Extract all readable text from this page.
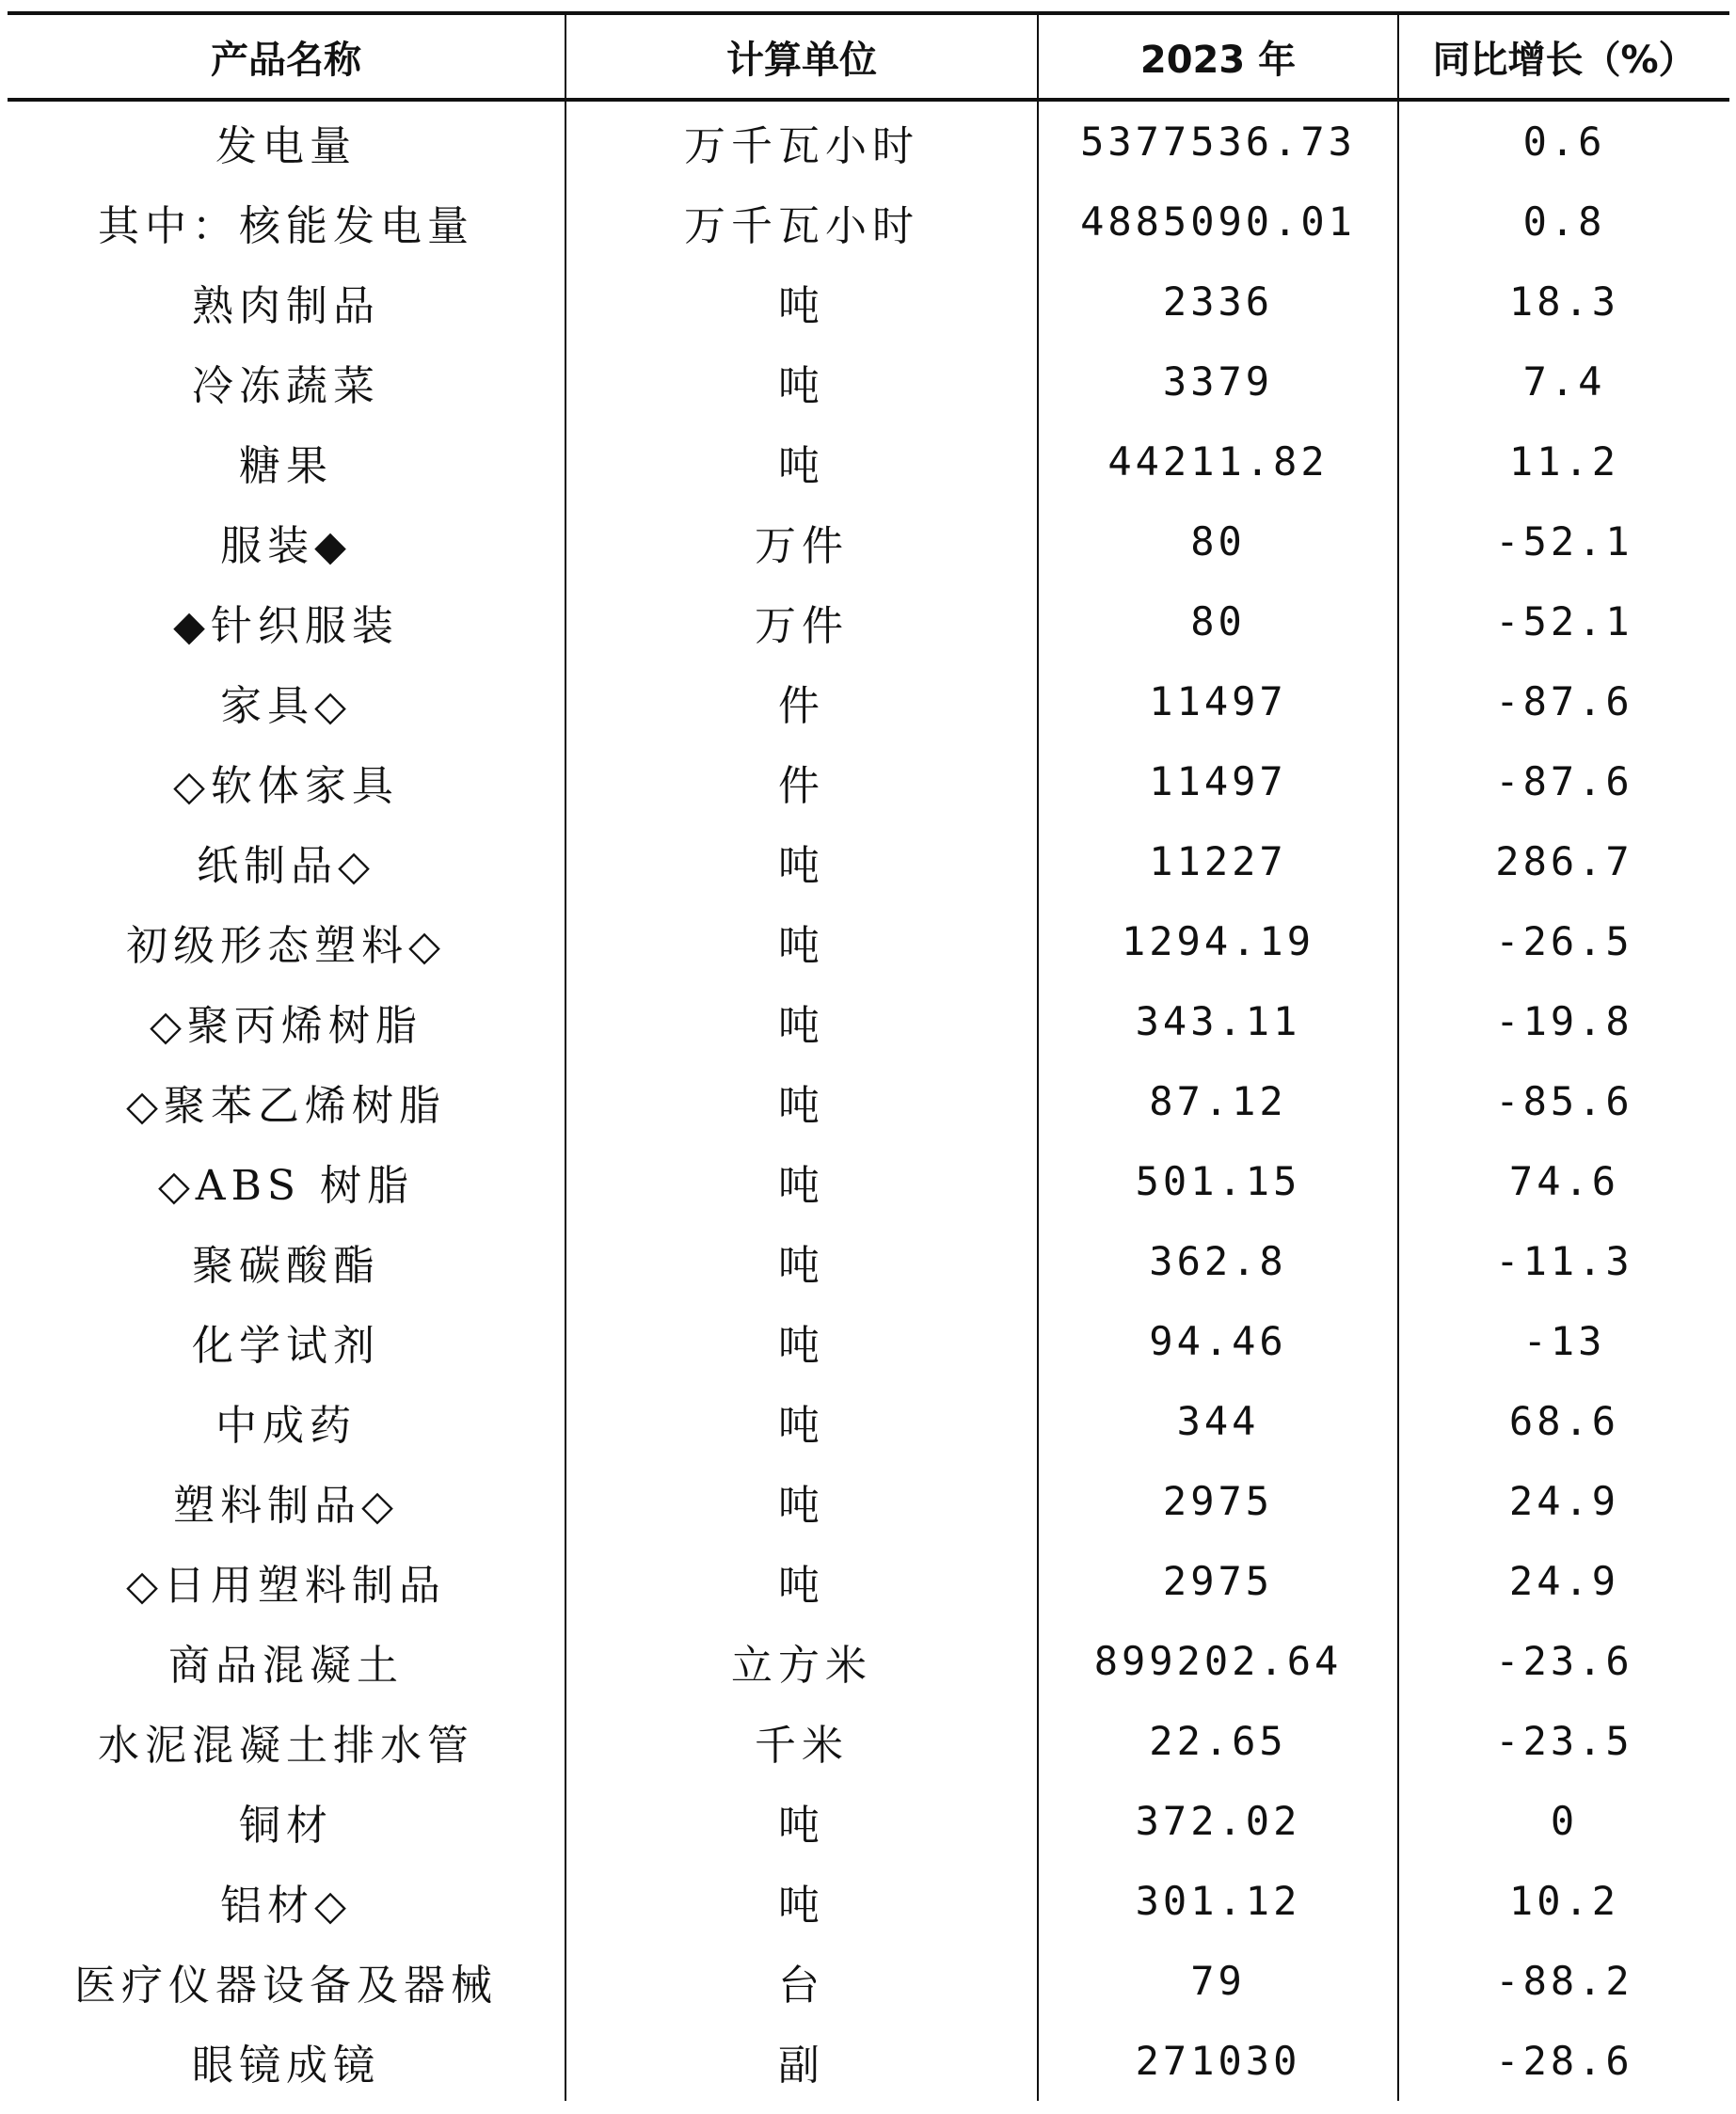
产品名称	计算单位	2023 年	同比增长（%）
发电量	万千瓦小时	5377536.73	0.6
其中：核能发电量	万千瓦小时	4885090.01	0.8
熟肉制品	吨	2336	18.3
冷冻蔬菜	吨	3379	7.4
糖果	吨	44211.82	11.2
服装◆	万件	80	-52.1
◆针织服装	万件	80	-52.1
家具◇	件	11497	-87.6
◇软体家具	件	11497	-87.6
纸制品◇	吨	11227	286.7
初级形态塑料◇	吨	1294.19	-26.5
◇聚丙烯树脂	吨	343.11	-19.8
◇聚苯乙烯树脂	吨	87.12	-85.6
◇ABS 树脂	吨	501.15	74.6
聚碳酸酯	吨	362.8	-11.3
化学试剂	吨	94.46	-13
中成药	吨	344	68.6
塑料制品◇	吨	2975	24.9
◇日用塑料制品	吨	2975	24.9
商品混凝土	立方米	899202.64	-23.6
水泥混凝土排水管	千米	22.65	-23.5
铜材	吨	372.02	0
铝材◇	吨	301.12	10.2
医疗仪器设备及器械	台	79	-88.2
眼镜成镜	副	271030	-28.6
